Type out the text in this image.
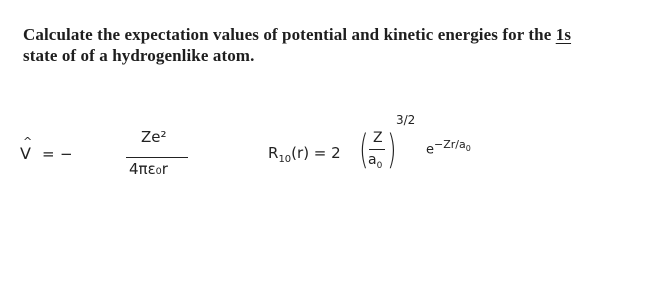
Calculate the expectation values of potential and kinetic energies for the 1s
state of of a hydrogenlike atom.
^
V = −
Ze²
4πε₀r
$R_{10}(r) = 2$ ( Z
$a_0$ )
3/2
$e^{-Zr/a_0}$
